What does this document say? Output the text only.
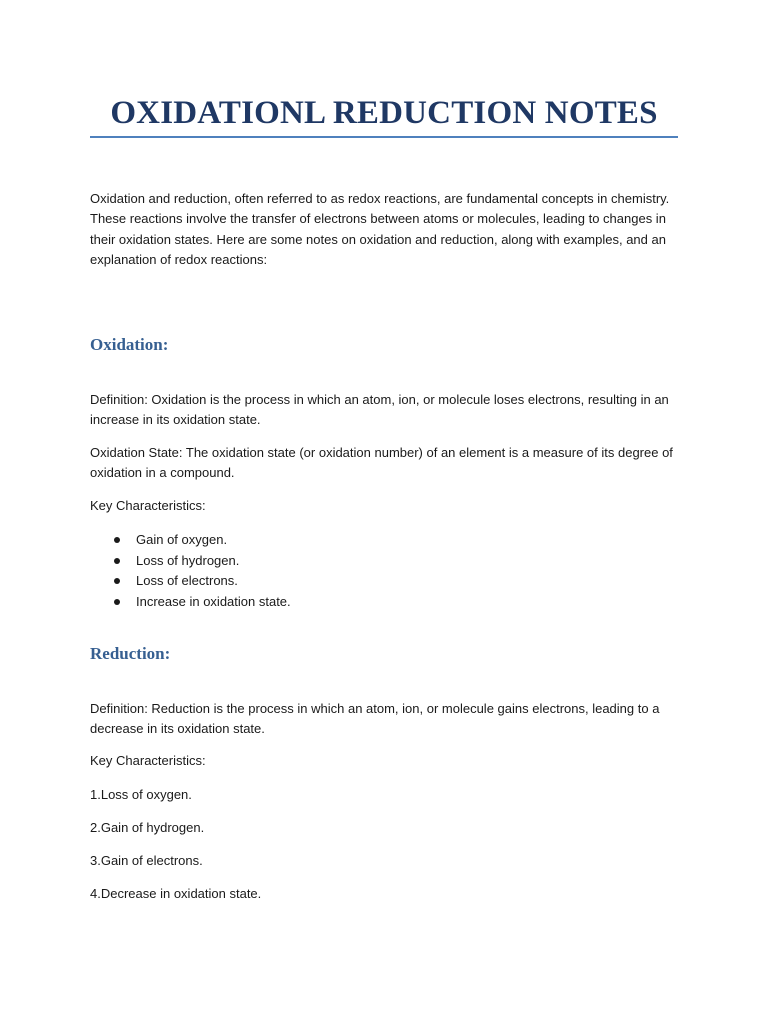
OXIDATIONL REDUCTION NOTES

Oxidation and reduction, often referred to as redox reactions, are fundamental concepts in chemistry. These reactions involve the transfer of electrons between atoms or molecules, leading to changes in their oxidation states. Here are some notes on oxidation and reduction, along with examples, and an explanation of redox reactions:

Oxidation:

Definition: Oxidation is the process in which an atom, ion, or molecule loses electrons, resulting in an increase in its oxidation state.

Oxidation State: The oxidation state (or oxidation number) of an element is a measure of its degree of oxidation in a compound.

Key Characteristics:

Gain of oxygen.
Loss of hydrogen.
Loss of electrons.
Increase in oxidation state.
Reduction:

Definition: Reduction is the process in which an atom, ion, or molecule gains electrons, leading to a decrease in its oxidation state.

Key Characteristics:

1.Loss of oxygen.

2.Gain of hydrogen.

3.Gain of electrons.

4.Decrease in oxidation state.
